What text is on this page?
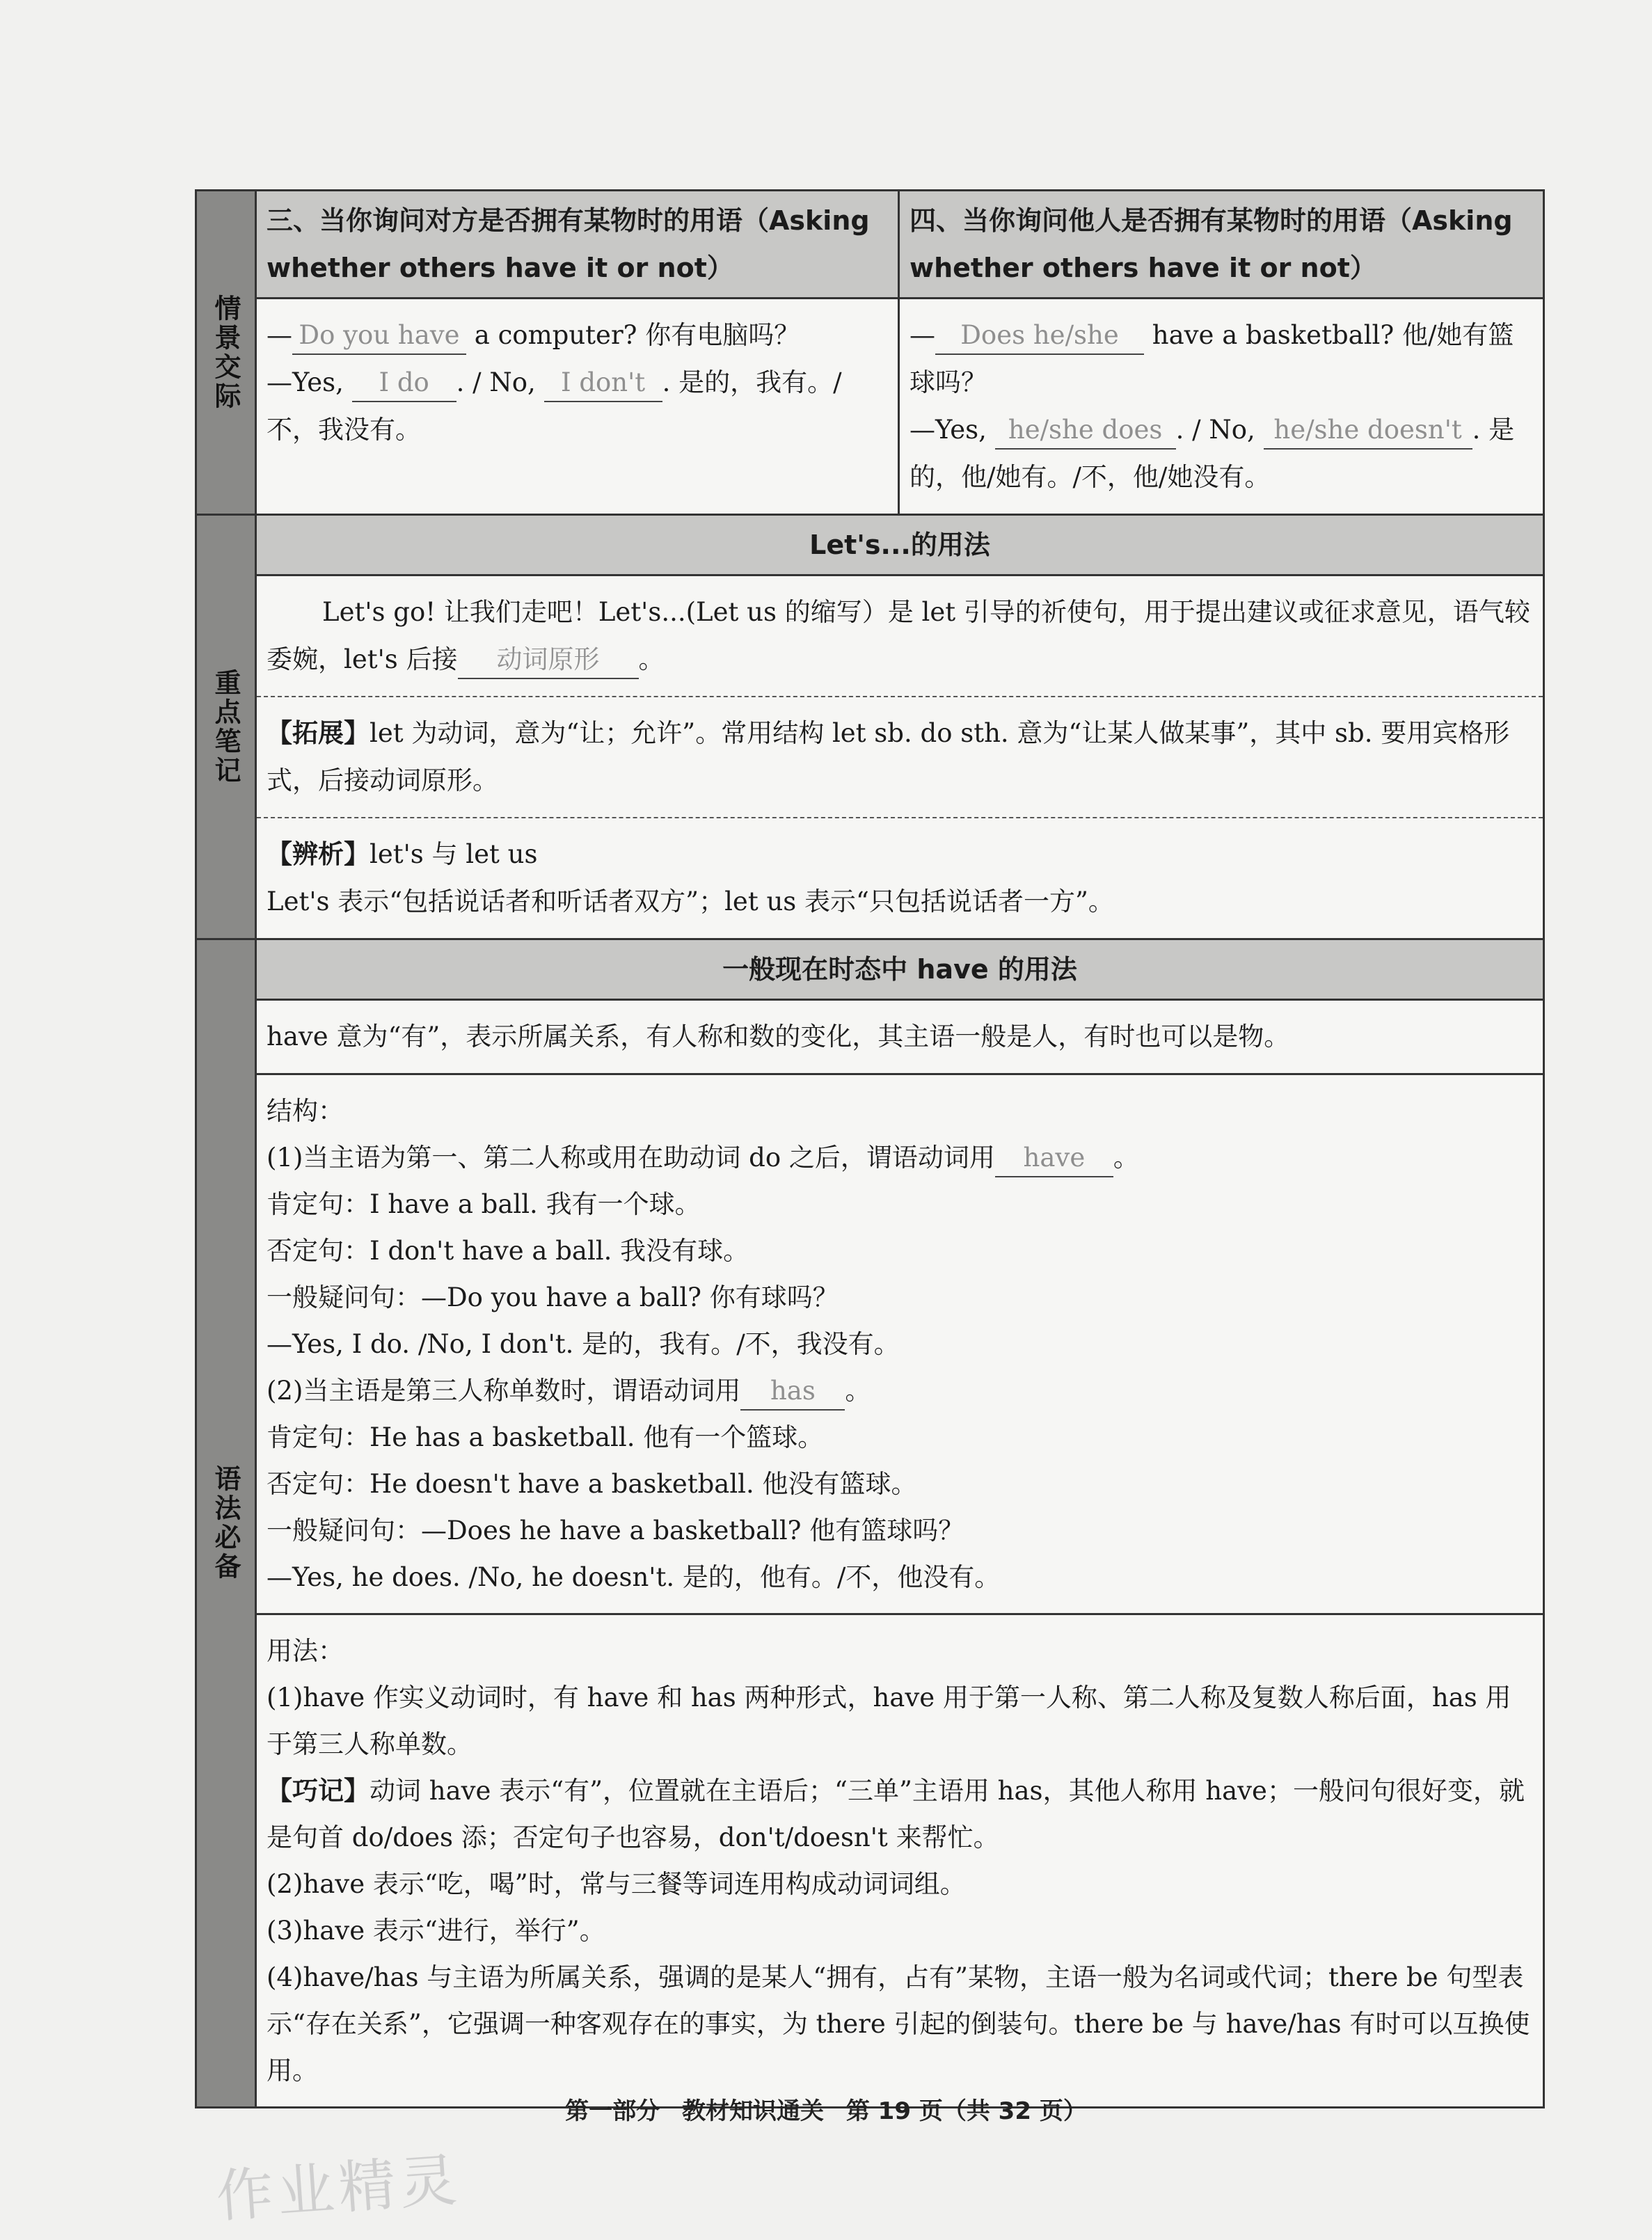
情景交际
三、当你询问对方是否拥有某物时的用语（Asking whether others have it or not）
四、当你询问他人是否拥有某物时的用语（Asking whether others have it or not）
— Do you have a computer? 你有电脑吗？
—Yes, I do . / No, I don't . 是的，我有。/不，我没有。
— Does he/she have a basketball? 他/她有篮球吗？
—Yes, he/she does . / No, he/she doesn't . 是的，他/她有。/不，他/她没有。
重点笔记
Let's...的用法
Let's go! 让我们走吧！Let's...(Let us 的缩写）是 let 引导的祈使句，用于提出建议或征求意见，语气较委婉，let's 后接 动词原形 。
【拓展】let 为动词，意为“让；允许”。常用结构 let sb. do sth. 意为“让某人做某事”，其中 sb. 要用宾格形式，后接动词原形。
【辨析】let's 与 let us
Let's 表示“包括说话者和听话者双方”；let us 表示“只包括说话者一方”。
语法必备
一般现在时态中 have 的用法
have 意为“有”，表示所属关系，有人称和数的变化，其主语一般是人，有时也可以是物。
结构：
(1)当主语为第一、第二人称或用在助动词 do 之后，谓语动词用 have 。
肯定句：I have a ball. 我有一个球。
否定句：I don't have a ball. 我没有球。
一般疑问句：—Do you have a ball? 你有球吗？
—Yes, I do. /No, I don't. 是的，我有。/不，我没有。
(2)当主语是第三人称单数时，谓语动词用 has 。
肯定句：He has a basketball. 他有一个篮球。
否定句：He doesn't have a basketball. 他没有篮球。
一般疑问句：—Does he have a basketball? 他有篮球吗？
—Yes, he does. /No, he doesn't. 是的，他有。/不，他没有。
用法：
(1)have 作实义动词时，有 have 和 has 两种形式，have 用于第一人称、第二人称及复数人称后面，has 用于第三人称单数。
【巧记】动词 have 表示“有”，位置就在主语后；“三单”主语用 has，其他人称用 have；一般问句很好变，就是句首 do/does 添；否定句子也容易，don't/doesn't 来帮忙。
(2)have 表示“吃，喝”时，常与三餐等词连用构成动词词组。
(3)have 表示“进行，举行”。
(4)have/has 与主语为所属关系，强调的是某人“拥有，占有”某物，主语一般为名词或代词；there be 句型表示“存在关系”，它强调一种客观存在的事实，为 there 引起的倒装句。there be 与 have/has 有时可以互换使用。
第一部分 教材知识通关 第 19 页（共 32 页）
作业精灵
